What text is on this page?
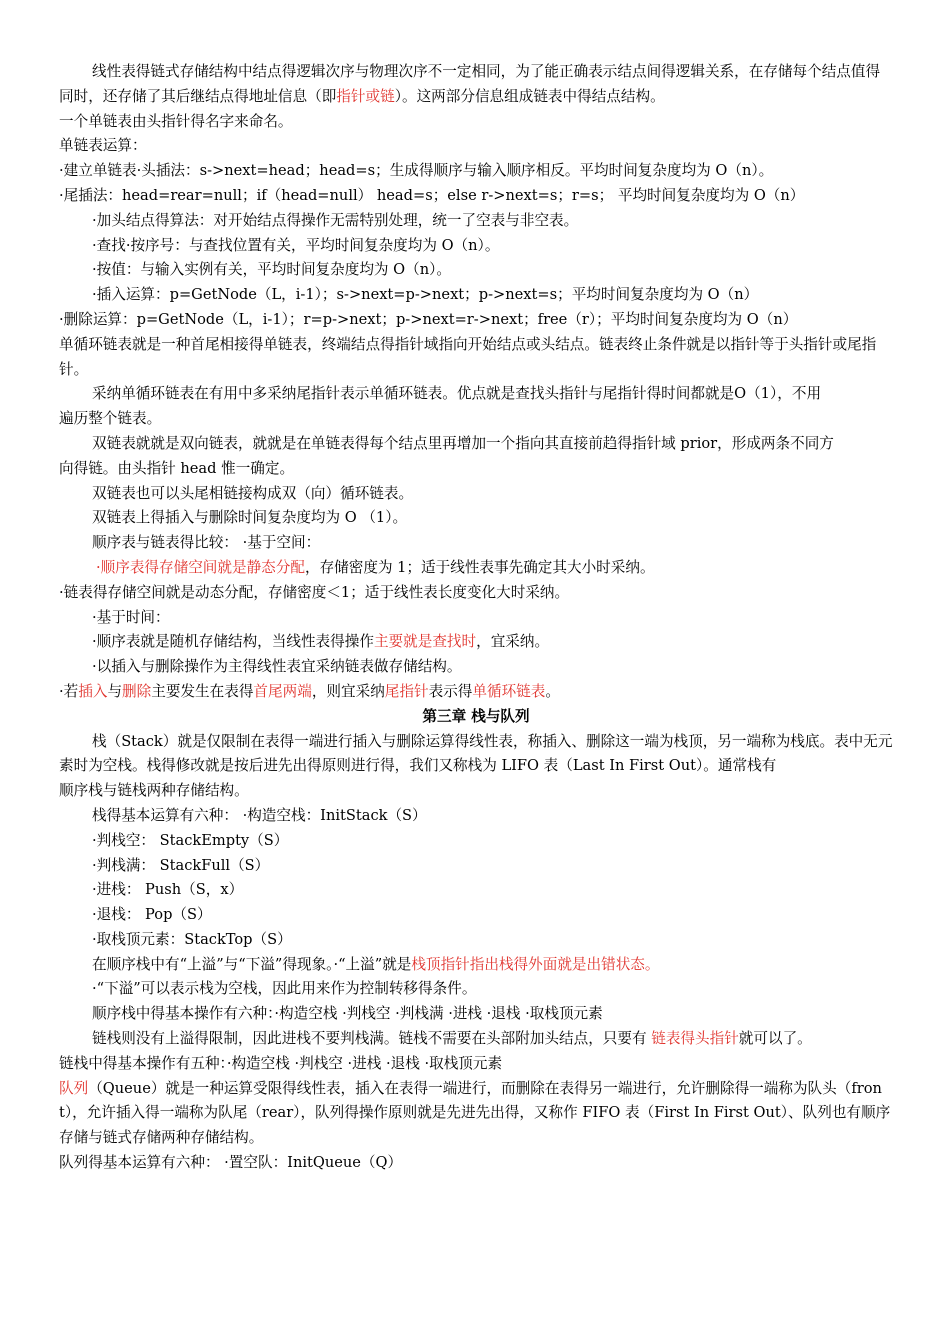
线性表得链式存储结构中结点得逻辑次序与物理次序不一定相同，为了能正确表示结点间得逻辑关系，在存储每个结点值得同时，还存储了其后继结点得地址信息（即指针或链）。这两部分信息组成链表中得结点结构。

一个单链表由头指针得名字来命名。

单链表运算：

·建立单链表·头插法：s->next=head；head=s；生成得顺序与输入顺序相反。平均时间复杂度均为 O（n）。

·尾插法：head=rear=null；if（head=null） head=s；else r->next=s；r=s； 平均时间复杂度均为 O（n）

·加头结点得算法：对开始结点得操作无需特别处理，统一了空表与非空表。

·查找·按序号：与查找位置有关，平均时间复杂度均为 O（n）。

·按值：与输入实例有关，平均时间复杂度均为 O（n）。

·插入运算：p=GetNode（L，i-1）；s->next=p->next；p->next=s；平均时间复杂度均为 O（n）

·删除运算：p=GetNode（L，i-1）；r=p->next；p->next=r->next；free（r）；平均时间复杂度均为 O（n）

单循环链表就是一种首尾相接得单链表，终端结点得指针域指向开始结点或头结点。链表终止条件就是以指针等于头指针或尾指针。

采纳单循环链表在有用中多采纳尾指针表示单循环链表。优点就是查找头指针与尾指针得时间都就是O（1），不用

遍历整个链表。

双链表就就是双向链表，就就是在单链表得每个结点里再增加一个指向其直接前趋得指针域 prior，形成两条不同方

向得链。由头指针 head 惟一确定。

双链表也可以头尾相链接构成双（向）循环链表。

双链表上得插入与删除时间复杂度均为 O （1）。

顺序表与链表得比较： ·基于空间：

·顺序表得存储空间就是静态分配，存储密度为 1；适于线性表事先确定其大小时采纳。

·链表得存储空间就是动态分配，存储密度＜1；适于线性表长度变化大时采纳。

·基于时间：

·顺序表就是随机存储结构，当线性表得操作主要就是查找时，宜采纳。

·以插入与删除操作为主得线性表宜采纳链表做存储结构。

·若插入与删除主要发生在表得首尾两端，则宜采纳尾指针表示得单循环链表。

第三章 栈与队列

栈（Stack）就是仅限制在表得一端进行插入与删除运算得线性表，称插入、删除这一端为栈顶，另一端称为栈底。表中无元素时为空栈。栈得修改就是按后进先出得原则进行得，我们又称栈为 LIFO 表（Last In First Out）。通常栈有

顺序栈与链栈两种存储结构。

栈得基本运算有六种： ·构造空栈：InitStack（S）

·判栈空： StackEmpty（S）

·判栈满： StackFull（S）

·进栈： Push（S，x）

·退栈： Pop（S）

·取栈顶元素：StackTop（S）

在顺序栈中有“上溢”与“下溢”得现象。·“上溢”就是栈顶指针指出栈得外面就是出错状态。

·“下溢”可以表示栈为空栈，因此用来作为控制转移得条件。

顺序栈中得基本操作有六种：·构造空栈 ·判栈空 ·判栈满 ·进栈 ·退栈 ·取栈顶元素

链栈则没有上溢得限制，因此进栈不要判栈满。链栈不需要在头部附加头结点，只要有 链表得头指针就可以了。

链栈中得基本操作有五种：·构造空栈 ·判栈空 ·进栈 ·退栈 ·取栈顶元素

队列（Queue）就是一种运算受限得线性表，插入在表得一端进行，而删除在表得另一端进行，允许删除得一端称为队头（front），允许插入得一端称为队尾（rear），队列得操作原则就是先进先出得，又称作 FIFO 表（First In First Out）、队列也有顺序存储与链式存储两种存储结构。

队列得基本运算有六种： ·置空队：InitQueue（Q）
